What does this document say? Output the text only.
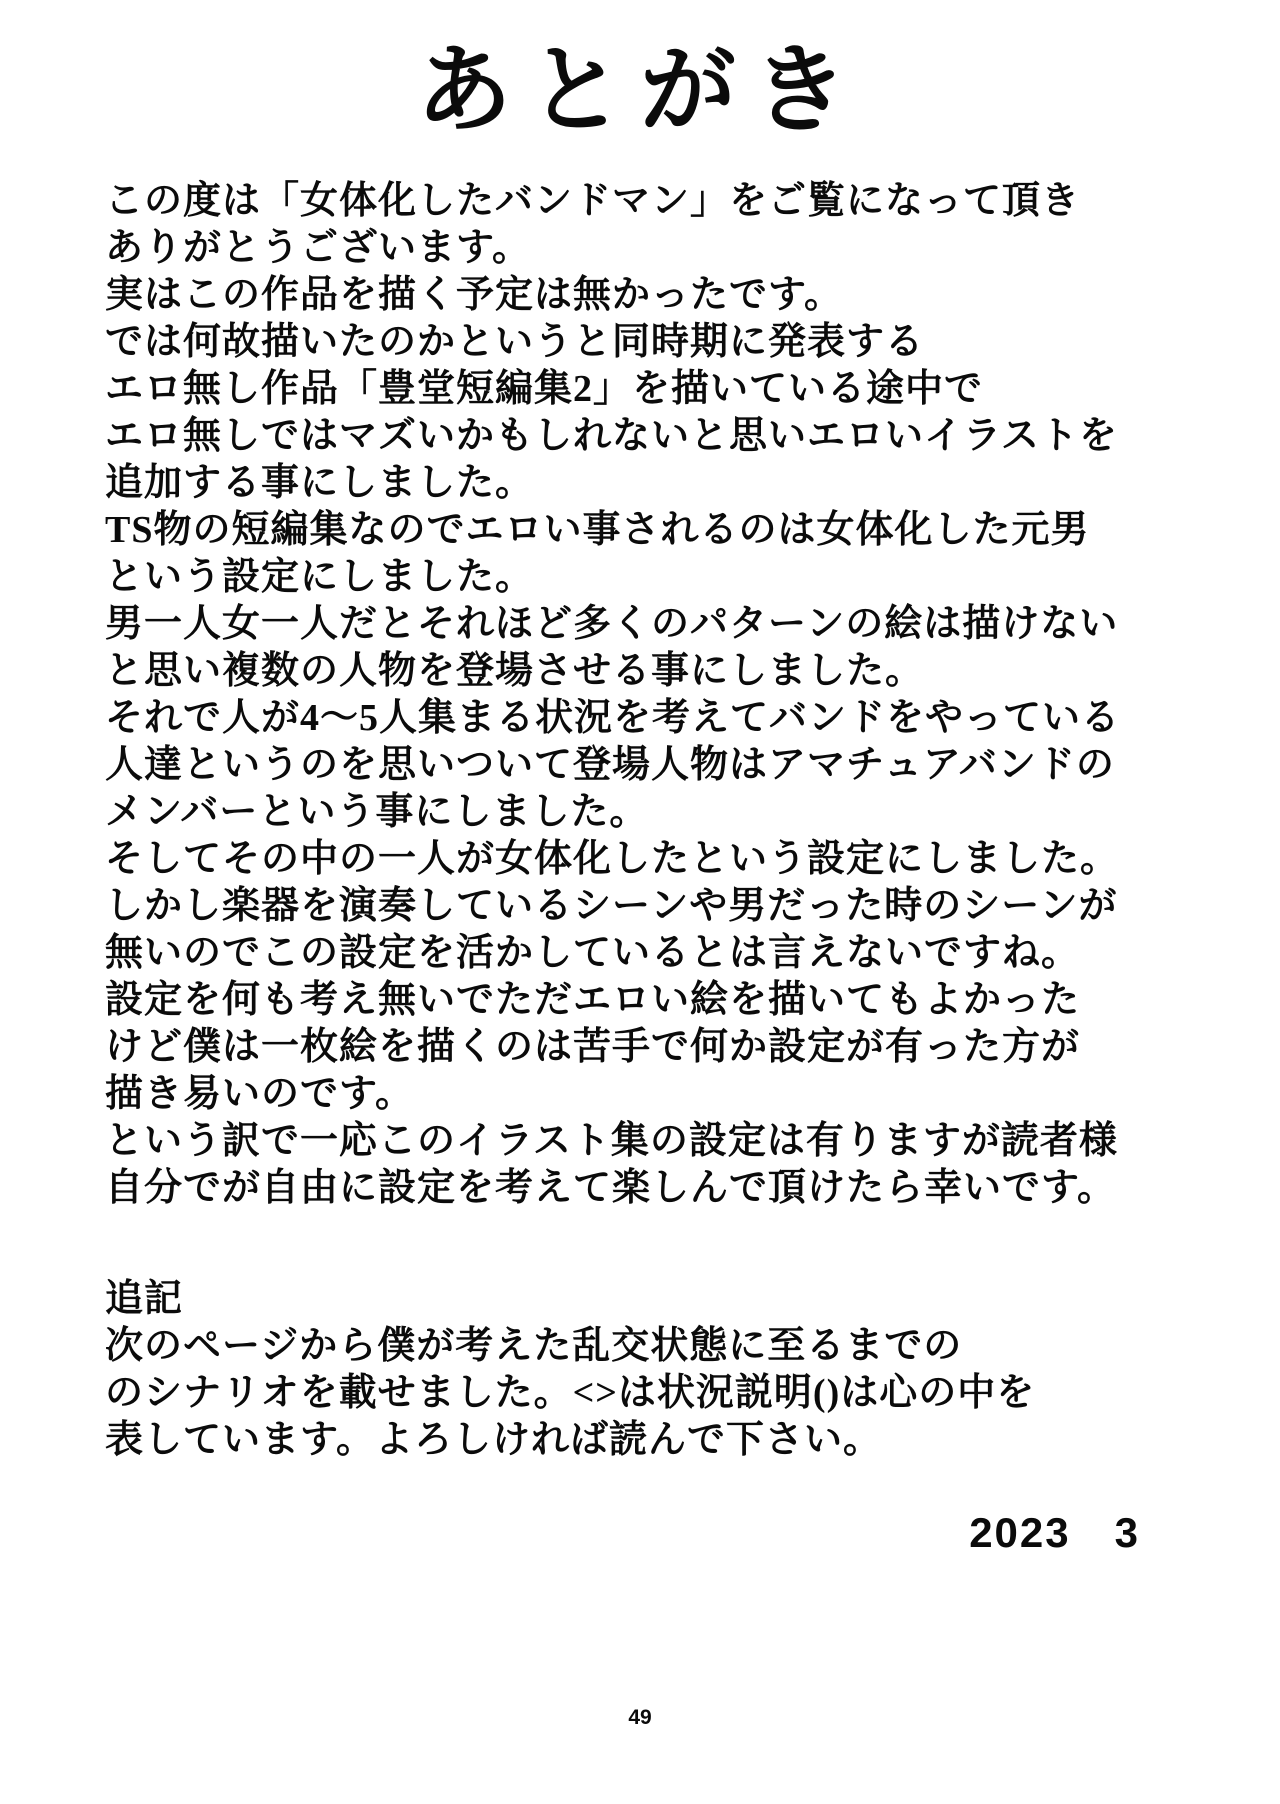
あとがき
この度は「女体化したバンドマン」をご覧になって頂き
ありがとうございます。
実はこの作品を描く予定は無かったです。
では何故描いたのかというと同時期に発表する
エロ無し作品「豊堂短編集2」を描いている途中で
エロ無しではマズいかもしれないと思いエロいイラストを
追加する事にしました。
TS物の短編集なのでエロい事されるのは女体化した元男
という設定にしました。
男一人女一人だとそれほど多くのパターンの絵は描けない
と思い複数の人物を登場させる事にしました。
それで人が4〜5人集まる状況を考えてバンドをやっている
人達というのを思いついて登場人物はアマチュアバンドの
メンバーという事にしました。
そしてその中の一人が女体化したという設定にしました。
しかし楽器を演奏しているシーンや男だった時のシーンが
無いのでこの設定を活かしているとは言えないですね。
設定を何も考え無いでただエロい絵を描いてもよかった
けど僕は一枚絵を描くのは苦手で何か設定が有った方が
描き易いのです。
という訳で一応このイラスト集の設定は有りますが読者様
自分でが自由に設定を考えて楽しんで頂けたら幸いです。
追記
次のページから僕が考えた乱交状態に至るまでの
のシナリオを載せました。<>は状況説明()は心の中を
表しています。よろしければ読んで下さい。
2023　3
49
